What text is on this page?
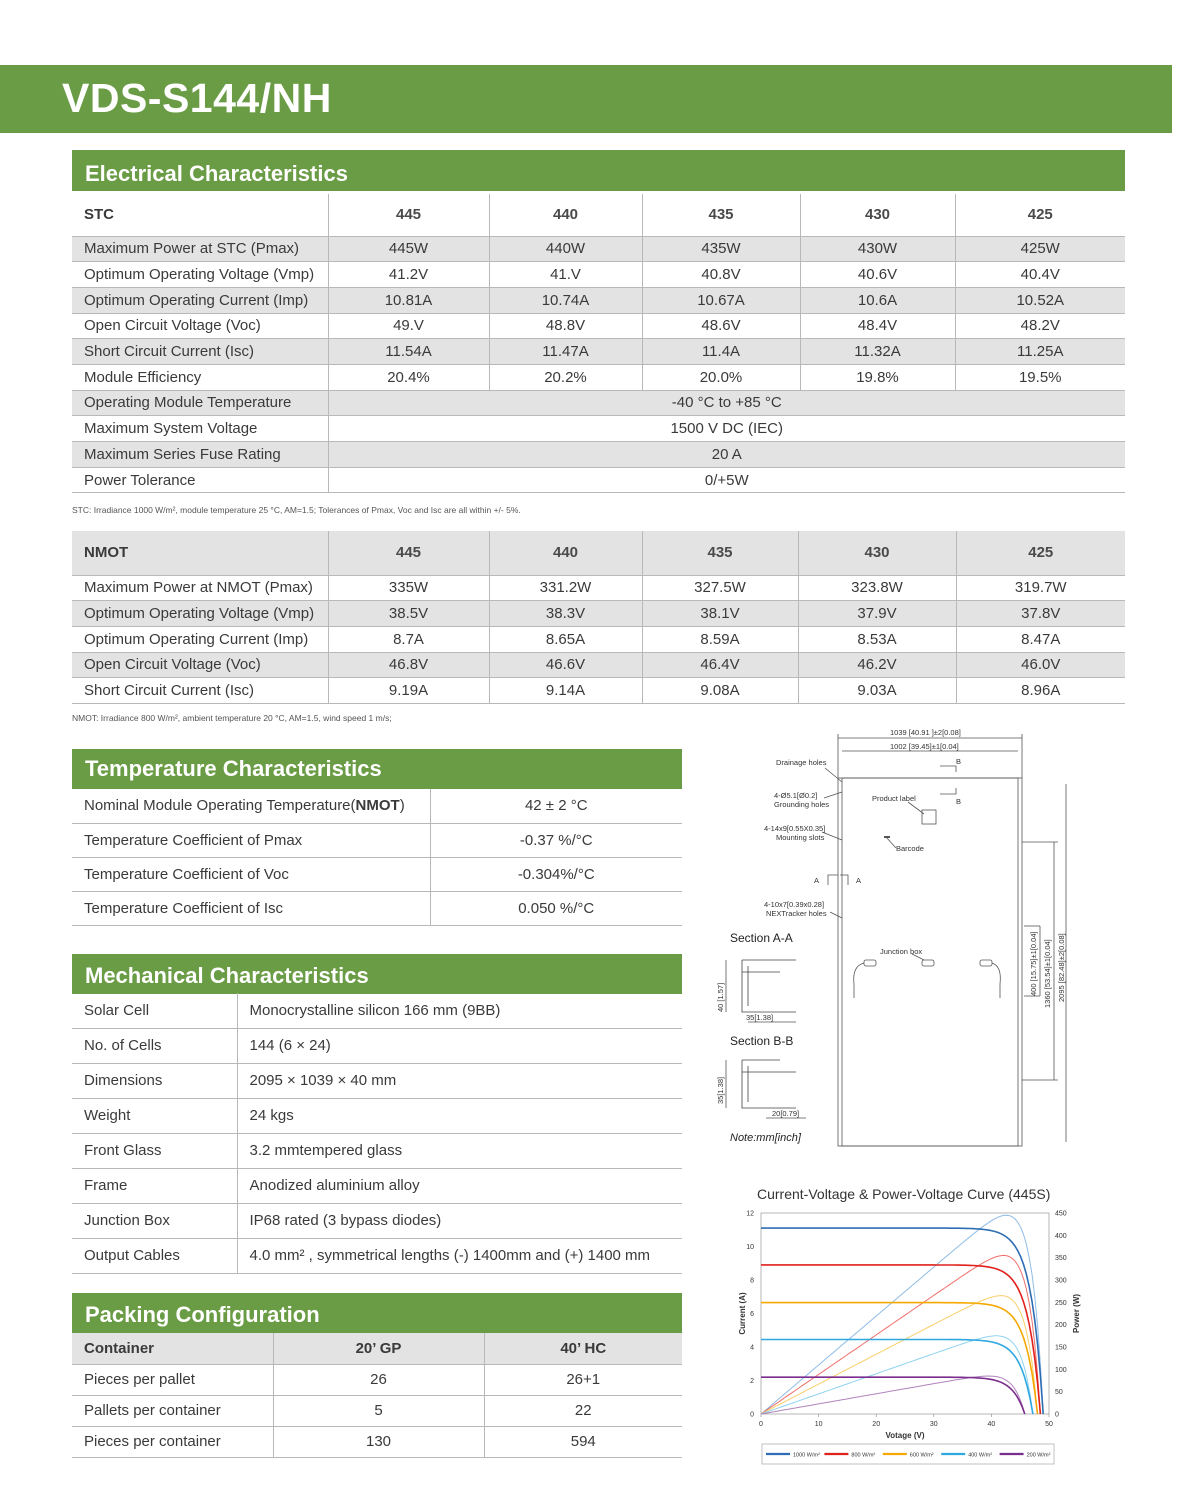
VDS-S144/NH
Electrical Characteristics
STC	445	440	435	430	425
Maximum Power at STC (Pmax)	445W	440W	435W	430W	425W
Optimum Operating Voltage (Vmp)	41.2V	41.V	40.8V	40.6V	40.4V
Optimum Operating Current (Imp)	10.81A	10.74A	10.67A	10.6A	10.52A
Open Circuit Voltage (Voc)	49.V	48.8V	48.6V	48.4V	48.2V
Short Circuit Current (Isc)	11.54A	11.47A	11.4A	11.32A	11.25A
Module Efficiency	20.4%	20.2%	20.0%	19.8%	19.5%
Operating Module Temperature	-40 °C to +85 °C				
Maximum System Voltage	1500 V DC (IEC)				
Maximum Series Fuse Rating	20 A				
Power Tolerance	0/+5W				
STC: Irradiance 1000 W/m², module temperature 25 °C, AM=1.5; Tolerances of Pmax, Voc and Isc are all within +/- 5%.
NMOT	445	440	435	430	425
Maximum Power at NMOT (Pmax)	335W	331.2W	327.5W	323.8W	319.7W
Optimum Operating Voltage (Vmp)	38.5V	38.3V	38.1V	37.9V	37.8V
Optimum Operating Current (Imp)	8.7A	8.65A	8.59A	8.53A	8.47A
Open Circuit Voltage (Voc)	46.8V	46.6V	46.4V	46.2V	46.0V
Short Circuit Current (Isc)	9.19A	9.14A	9.08A	9.03A	8.96A
NMOT: Irradiance 800 W/m², ambient temperature 20 °C, AM=1.5, wind speed 1 m/s;
Temperature Characteristics
Nominal Module Operating Temperature(NMOT)	42 ± 2 °C
Temperature Coefficient of Pmax	-0.37 %/°C
Temperature Coefficient of Voc	-0.304%/°C
Temperature Coefficient of Isc	0.050 %/°C
Mechanical Characteristics
Solar Cell	Monocrystalline silicon 166 mm (9BB)
No. of Cells	144 (6 × 24)
Dimensions	2095 × 1039 × 40 mm
Weight	24 kgs
Front Glass	3.2 mmtempered glass
Frame	Anodized aluminium alloy
Junction Box	IP68 rated (3 bypass diodes)
Output Cables	4.0 mm² , symmetrical lengths (-) 1400mm and (+) 1400 mm
Packing Configuration
Container	20’ GP	40’ HC
Pieces per pallet	26	26+1
Pallets per container	5	22
Pieces per container	130	594
1039 [40.91 ]±2[0.08]
1002 [39.45]±1[0.04]
Drainage holes
4-Ø5.1[Ø0.2]
Grounding holes
Product label
4-14x9[0.55X0.35]
Mounting slots
Barcode
4-10x7[0.39x0.28]
NEXTracker holes
Junction box
B
B
A	A
35[1.38]
20[0.79]
40 [1.57]
35[1.38]
400 [15.75]±1[0.04] 1360 [53.54]±1[0.04] 2095 [82.48]±2[0.08]
Section A-A
Section B-B
Note:mm[inch]
Current-Voltage & Power-Voltage Curve (445S)
0	10	20	30	40	50
0
2
4
6
8
10
12
0
50
100
150
200
250
300
350
400
450
Votage (V)
Current (A)	Power (W)
1000 W/m²	800 W/m²	600 W/m²	400 W/m²	200 W/m²
